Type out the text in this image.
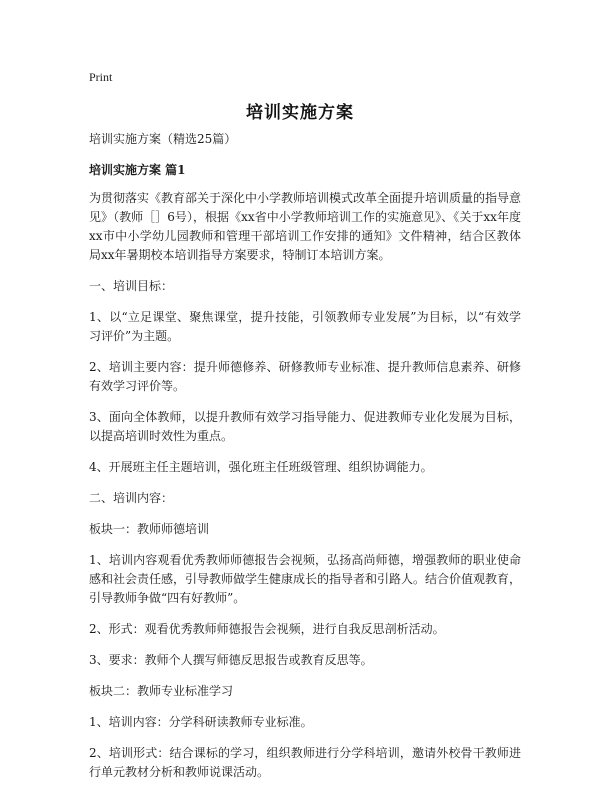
Print
培训实施方案

培训实施方案（精选25篇）

培训实施方案 篇1

为贯彻落实《教育部关于深化中小学教师培训模式改革全面提升培训质量的指导意见》（教师［］6号），根据《xx省中小学教师培训工作的实施意见》、《关于xx年度xx市中小学幼儿园教师和管理干部培训工作安排的通知》文件精神，结合区教体局xx年暑期校本培训指导方案要求，特制订本培训方案。

一、培训目标：

1、以“立足课堂、聚焦课堂，提升技能，引领教师专业发展”为目标，以“有效学习评价”为主题。

2、培训主要内容：提升师德修养、研修教师专业标准、提升教师信息素养、研修有效学习评价等。

3、面向全体教师，以提升教师有效学习指导能力、促进教师专业化发展为目标，以提高培训时效性为重点。

4、开展班主任主题培训，强化班主任班级管理、组织协调能力。

二、培训内容：

板块一：教师师德培训

1、培训内容观看优秀教师师德报告会视频，弘扬高尚师德，增强教师的职业使命感和社会责任感，引导教师做学生健康成长的指导者和引路人。结合价值观教育，引导教师争做“四有好教师”。

2、形式：观看优秀教师师德报告会视频，进行自我反思剖析活动。

3、要求：教师个人撰写师德反思报告或教育反思等。

板块二：教师专业标准学习

1、培训内容：分学科研读教师专业标准。

2、培训形式：结合课标的学习，组织教师进行分学科培训，邀请外校骨干教师进行单元教材分析和教师说课活动。
